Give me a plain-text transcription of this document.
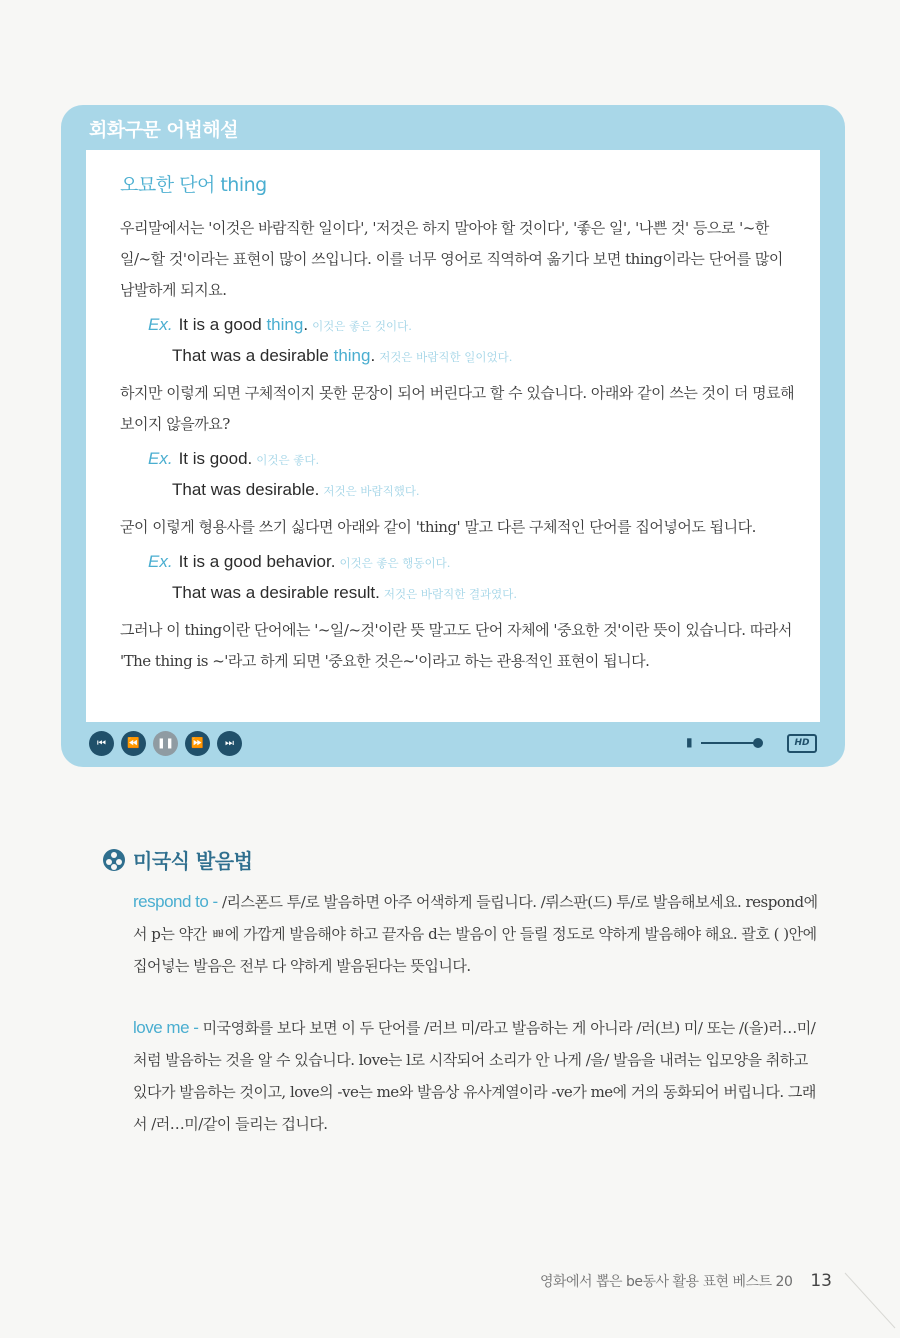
회화구문 어법해설
오묘한 단어 thing

우리말에서는 '이것은 바람직한 일이다', '저것은 하지 말아야 할 것이다', '좋은 일', '나쁜 것' 등으로 '~한 일/~할 것'이라는 표현이 많이 쓰입니다. 이를 너무 영어로 직역하여 옮기다 보면 thing이라는 단어를 많이 남발하게 되지요.

Ex. It is a good thing. 이것은 좋은 것이다.
That was a desirable thing. 저것은 바람직한 일이었다.

하지만 이렇게 되면 구체적이지 못한 문장이 되어 버린다고 할 수 있습니다. 아래와 같이 쓰는 것이 더 명료해 보이지 않을까요?

Ex. It is good. 이것은 좋다.
That was desirable. 저것은 바람직했다.

굳이 이렇게 형용사를 쓰기 싫다면 아래와 같이 'thing' 말고 다른 구체적인 단어를 집어넣어도 됩니다.

Ex. It is a good behavior. 이것은 좋은 행동이다.
That was a desirable result. 저것은 바람직한 결과였다.

그러나 이 thing이란 단어에는 '~일/~것'이란 뜻 말고도 단어 자체에 '중요한 것'이란 뜻이 있습니다. 따라서 'The thing is ~'라고 하게 되면 '중요한 것은~'이라고 하는 관용적인 표현이 됩니다.

⏮	⏪	❚❚	⏩	⏭	▮	HD
미국식 발음법

respond to - /리스폰드 투/로 발음하면 아주 어색하게 들립니다. /뤼스판(드) 투/로 발음해보세요. respond에서 p는 약간 ㅃ에 가깝게 발음해야 하고 끝자음 d는 발음이 안 들릴 정도로 약하게 발음해야 해요. 괄호 ( )안에 집어넣는 발음은 전부 다 약하게 발음된다는 뜻입니다.

love me - 미국영화를 보다 보면 이 두 단어를 /러브 미/라고 발음하는 게 아니라 /러(브) 미/ 또는 /(을)러…미/처럼 발음하는 것을 알 수 있습니다. love는 l로 시작되어 소리가 안 나게 /을/ 발음을 내려는 입모양을 취하고 있다가 발음하는 것이고, love의 -ve는 me와 발음상 유사계열이라 -ve가 me에 거의 동화되어 버립니다. 그래서 /러…미/같이 들리는 겁니다.

영화에서 뽑은 be동사 활용 표현 베스트 20 13
